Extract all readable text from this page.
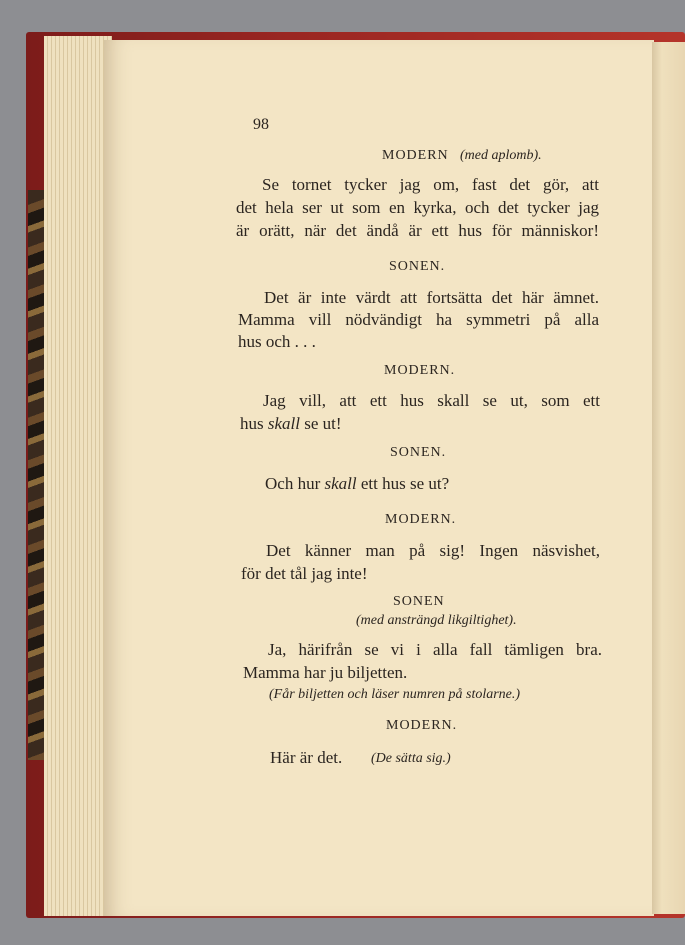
98
MODERN (med aplomb).
Se tornet tycker jag om, fast det gör, att
det hela ser ut som en kyrka, och det tycker jag
är orätt, när det ändå är ett hus för människor!
SONEN.
Det är inte värdt att fortsätta det här ämnet.
Mamma vill nödvändigt ha symmetri på alla
hus och . . .
MODERN.
Jag vill, att ett hus skall se ut, som ett
hus skall se ut!
SONEN.
Och hur skall ett hus se ut?
MODERN.
Det känner man på sig! Ingen näsvishet,
för det tål jag inte!
SONEN
(med ansträngd likgiltighet).
Ja, härifrån se vi i alla fall tämligen bra.
Mamma har ju biljetten.
(Får biljetten och läser numren på stolarne.)
MODERN.
Här är det. (De sätta sig.)
